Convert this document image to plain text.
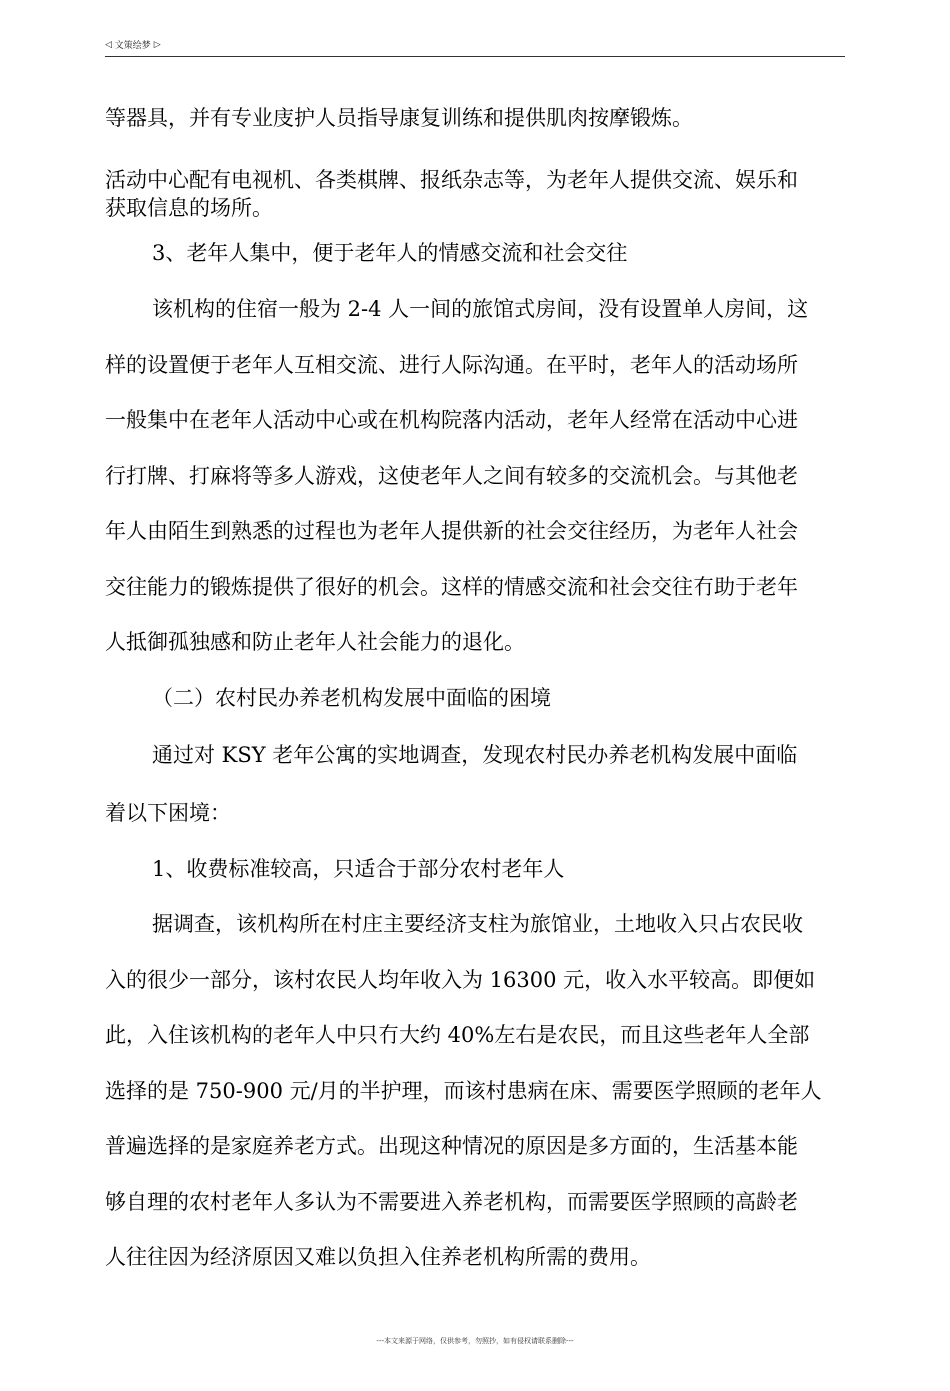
◁ 文策绘梦 ▷
等器具，并有专业庋护人员指导康复训练和提供肌肉按摩锻炼。
活动中心配有电视机、各类棋牌、报纸杂志等，为老年人提供交流、娱乐和
获取信息的场所。
3、老年人集中，便于老年人的情感交流和社会交往
该机构的住宿一般为 2-4 人一间的旅馆式房间，没有设置单人房间，这
样的设置便于老年人互相交流、进行人际沟通。在平时，老年人的活动场所
一般集中在老年人活动中心或在机构院落内活动，老年人经常在活动中心进
行打牌、打麻将等多人游戏，这使老年人之间有较多的交流机会。与其他老
年人由陌生到熟悉的过程也为老年人提供新的社会交往经历，为老年人社会
交往能力的锻炼提供了很好的机会。这样的情感交流和社会交往冇助于老年
人抵御孤独感和防止老年人社会能力的退化。
（二）农村民办养老机构发展中面临的困境
通过对 KSY 老年公寓的实地调查，发现农村民办养老机构发展中面临
着以下困境：
1、收费标准较高，只适合于部分农村老年人
据调查，该机构所在村庄主要经济支柱为旅馆业，土地收入只占农民收
入的很少一部分，该村农民人均年收入为 16300 元，收入水平较高。即便如
此，入住该机构的老年人中只冇大约 40%左右是农民，而且这些老年人全部
选择的是 750-900 元/月的半护理，而该村患病在床、需要医学照顾的老年人
普遍选择的是家庭养老方式。出现这种情况的原因是多方面的，生活基本能
够自理的农村老年人多认为不需要进入养老机构，而需要医学照顾的高龄老
人往往因为经济原因又难以负担入住养老机构所需的费用。
---本文来源于网络，仅供参考，勿照抄，如有侵权请联系删除---
